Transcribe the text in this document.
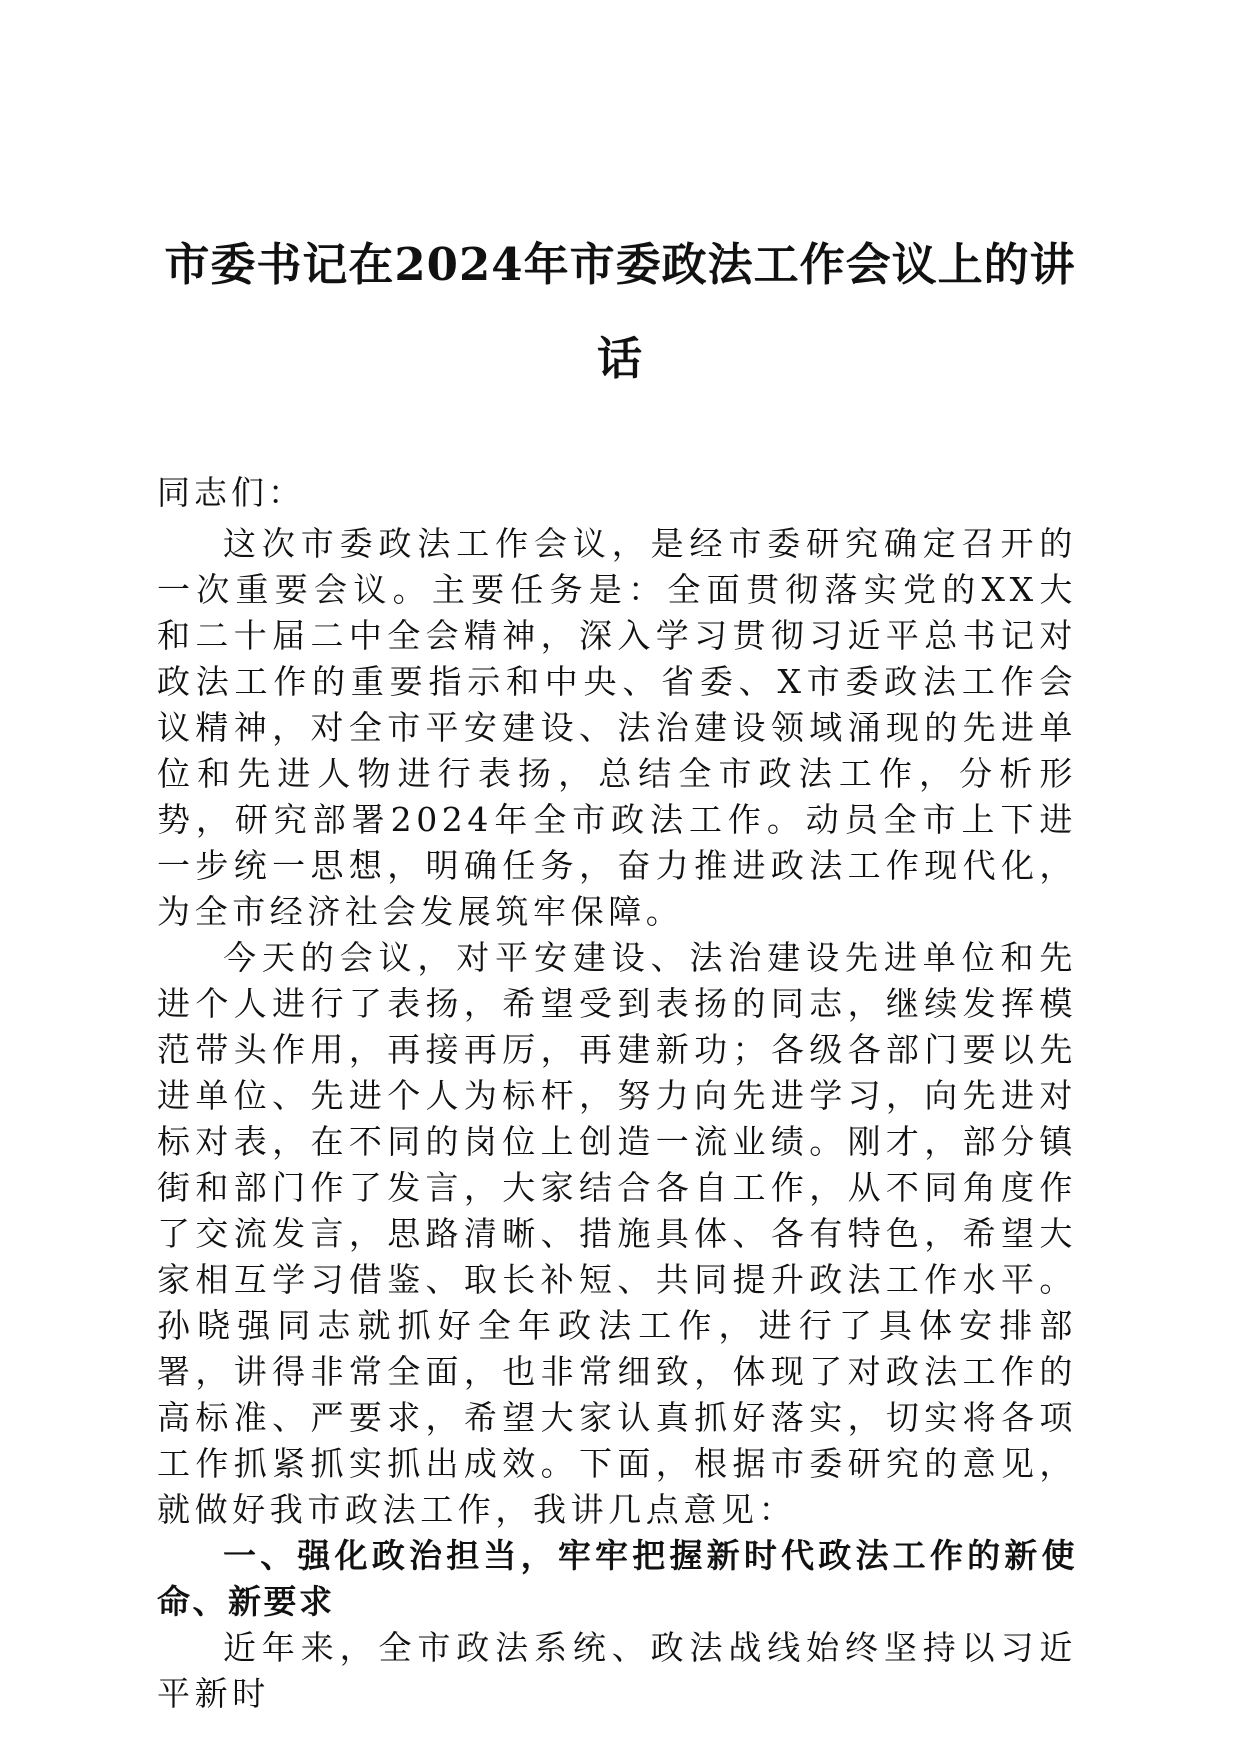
市委书记在2024年市委政法工作会议上的讲话

同志们：

这次市委政法工作会议，是经市委研究确定召开的一次重要会议。主要任务是：全面贯彻落实党的XX大和二十届二中全会精神，深入学习贯彻习近平总书记对政法工作的重要指示和中央、省委、X市委政法工作会议精神，对全市平安建设、法治建设领域涌现的先进单位和先进人物进行表扬，总结全市政法工作，分析形势，研究部署2024年全市政法工作。动员全市上下进一步统一思想，明确任务，奋力推进政法工作现代化，为全市经济社会发展筑牢保障。

今天的会议，对平安建设、法治建设先进单位和先进个人进行了表扬，希望受到表扬的同志，继续发挥模范带头作用，再接再厉，再建新功；各级各部门要以先进单位、先进个人为标杆，努力向先进学习，向先进对标对表，在不同的岗位上创造一流业绩。刚才，部分镇街和部门作了发言，大家结合各自工作，从不同角度作了交流发言，思路清晰、措施具体、各有特色，希望大家相互学习借鉴、取长补短、共同提升政法工作水平。孙晓强同志就抓好全年政法工作，进行了具体安排部署，讲得非常全面，也非常细致，体现了对政法工作的高标准、严要求，希望大家认真抓好落实，切实将各项工作抓紧抓实抓出成效。下面，根据市委研究的意见，就做好我市政法工作，我讲几点意见：

一、强化政治担当，牢牢把握新时代政法工作的新使命、新要求

近年来，全市政法系统、政法战线始终坚持以习近平新时
